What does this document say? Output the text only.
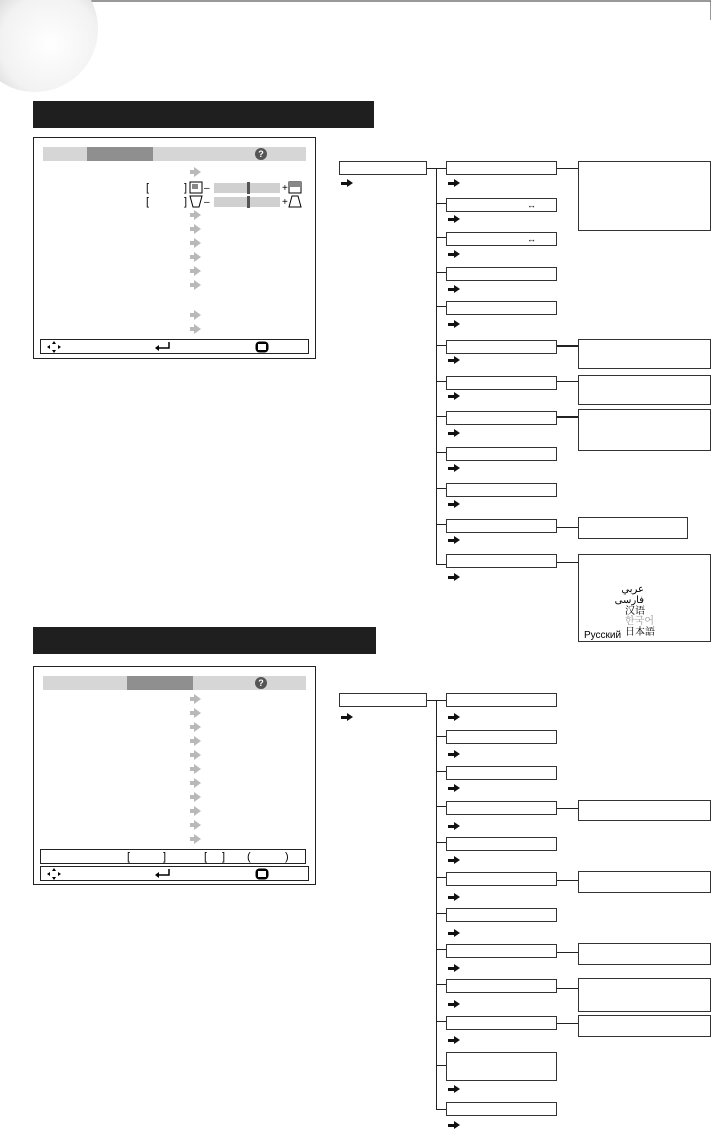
?
[	]
[	]
–	+
–	+	↔
↔
عربي
فارسی
汉语
한국어
日本語
Русский
?
[	]	[ ] (	)
